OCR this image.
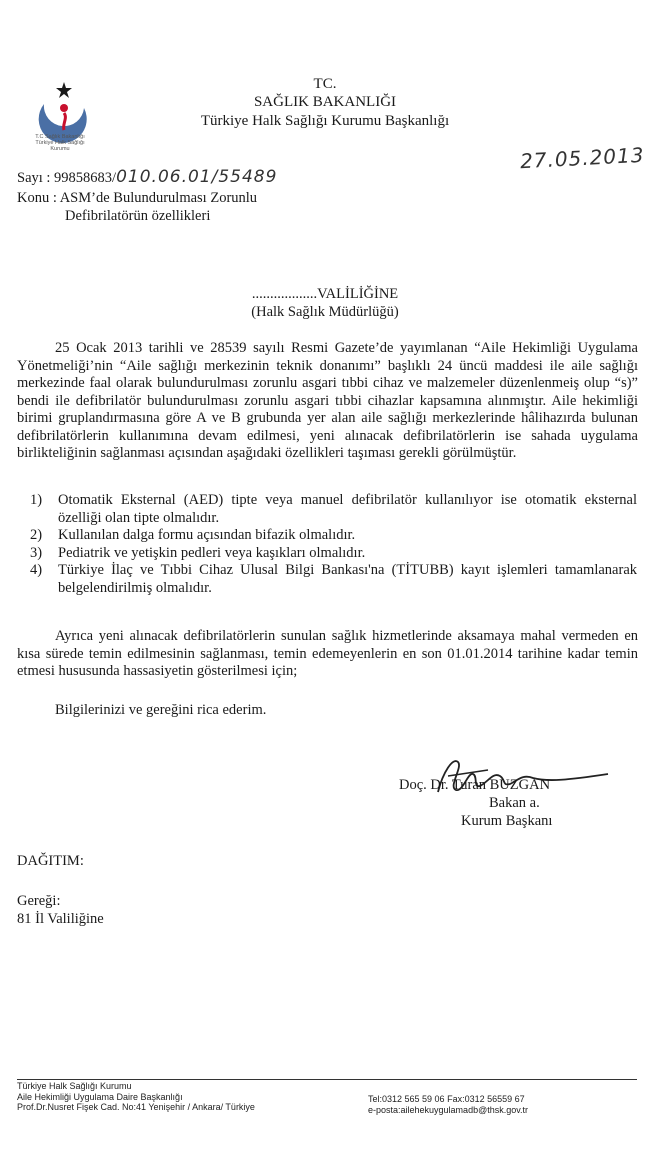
T.C Sağlık Bakanlığı
Türkiye Halk Sağlığı
Kurumu
TC.
SAĞLIK BAKANLIĞI
Türkiye Halk Sağlığı Kurumu Başkanlığı
Sayı : 99858683/010.06.01/55489
27.05.2013
Konu : ASM’de Bulundurulması Zorunlu
Defibrilatörün özellikleri
..................VALİLİĞİNE
(Halk Sağlık Müdürlüğü)
25 Ocak 2013 tarihli ve 28539 sayılı Resmi Gazete’de yayımlanan “Aile Hekimliği Uygulama Yönetmeliği’nin “Aile sağlığı merkezinin teknik donanımı” başlıklı 24 üncü maddesi ile aile sağlığı merkezinde faal olarak bulundurulması zorunlu asgari tıbbi cihaz ve malzemeler düzenlenmeiş olup “s)” bendi ile defibrilatör bulundurulması zorunlu asgari tıbbi cihazlar kapsamına alınmıştır. Aile hekimliği birimi gruplandırmasına göre A ve B grubunda yer alan aile sağlığı merkezlerinde hâlihazırda bulunan defibrilatörlerin kullanımına devam edilmesi, yeni alınacak defibrilatörlerin ise sahada uygulama birlikteliğinin sağlanması açısından aşağıdaki özellikleri taşıması gerekli görülmüştür.
1)	Otomatik Eksternal (AED) tipte veya manuel defibrilatör kullanılıyor ise otomatik eksternal özelliği olan tipte olmalıdır.
2)	Kullanılan dalga formu açısından bifazik olmalıdır.
3)	Pediatrik ve yetişkin pedleri veya kaşıkları olmalıdır.
4)	Türkiye İlaç ve Tıbbi Cihaz Ulusal Bilgi Bankası'na (TİTUBB) kayıt işlemleri tamamlanarak belgelendirilmiş olmalıdır.
Ayrıca yeni alınacak defibrilatörlerin sunulan sağlık hizmetlerinde aksamaya mahal vermeden en kısa sürede temin edilmesinin sağlanması, temin edemeyenlerin en son 01.01.2014 tarihine kadar temin etmesi hususunda hassasiyetin gösterilmesi için;
Bilgilerinizi ve gereğini rica ederim.
Doç. Dr. Turan BUZGAN
Bakan a.
Kurum Başkanı
DAĞITIM:
Gereği:
81 İl Valiliğine
Türkiye Halk Sağlığı Kurumu
Aile Hekimliği Uygulama Daire Başkanlığı
Prof.Dr.Nusret Fişek Cad. No:41 Yenişehir / Ankara/ Türkiye
Tel:0312 565 59 06 Fax:0312 56559 67
e-posta:ailehekuygulamadb@thsk.gov.tr
